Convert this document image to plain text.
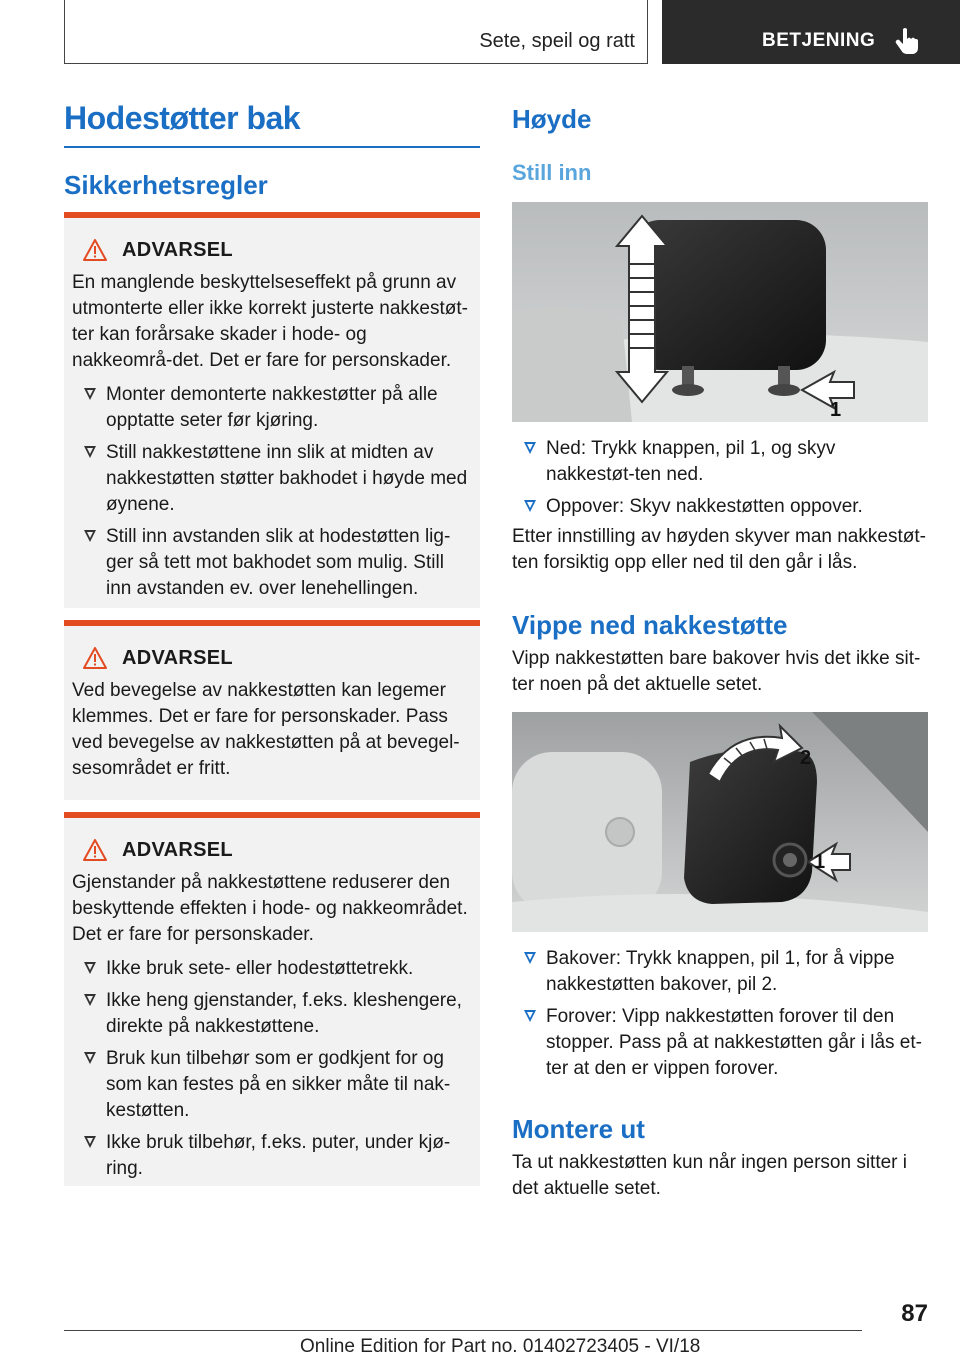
Sete, speil og ratt	BETJENING
Hodestøtter bak
Sikkerhetsregler
ADVARSEL

En manglende beskyttelseseffekt på grunn av utmonterte eller ikke korrekt justerte nakkestøt-ter kan forårsake skader i hode- og nakkeområ-det. Det er fare for personskader.

Monter demonterte nakkestøtter på alle opptatte seter før kjøring.
Still nakkestøttene inn slik at midten av nakkestøtten støtter bakhodet i høyde med øynene.
Still inn avstanden slik at hodestøtten lig-ger så tett mot bakhodet som mulig. Still inn avstanden ev. over lenehellingen.
ADVARSEL

Ved bevegelse av nakkestøtten kan legemer klemmes. Det er fare for personskader. Pass ved bevegelse av nakkestøtten på at bevegel-sesområdet er fritt.

ADVARSEL

Gjenstander på nakkestøttene reduserer den beskyttende effekten i hode- og nakkeområdet. Det er fare for personskader.

Ikke bruk sete- eller hodestøttetrekk.
Ikke heng gjenstander, f.eks. kleshengere, direkte på nakkestøttene.
Bruk kun tilbehør som er godkjent for og som kan festes på en sikker måte til nak-kestøtten.
Ikke bruk tilbehør, f.eks. puter, under kjø-ring.
Høyde
Still inn
1
Ned: Trykk knappen, pil 1, og skyv nakkestøt-ten ned.
Oppover: Skyv nakkestøtten oppover.

Etter innstilling av høyden skyver man nakkestøt-ten forsiktig opp eller ned til den går i lås.

Vippe ned nakkestøtte

Vipp nakkestøtten bare bakover hvis det ikke sit-ter noen på det aktuelle setet.

2
1
Bakover: Trykk knappen, pil 1, for å vippe nakkestøtten bakover, pil 2.
Forover: Vipp nakkestøtten forover til den stopper. Pass på at nakkestøtten går i lås et-ter at den er vippen forover.
Montere ut

Ta ut nakkestøtten kun når ingen person sitter i det aktuelle setet.

87
Online Edition for Part no. 01402723405 - VI/18
